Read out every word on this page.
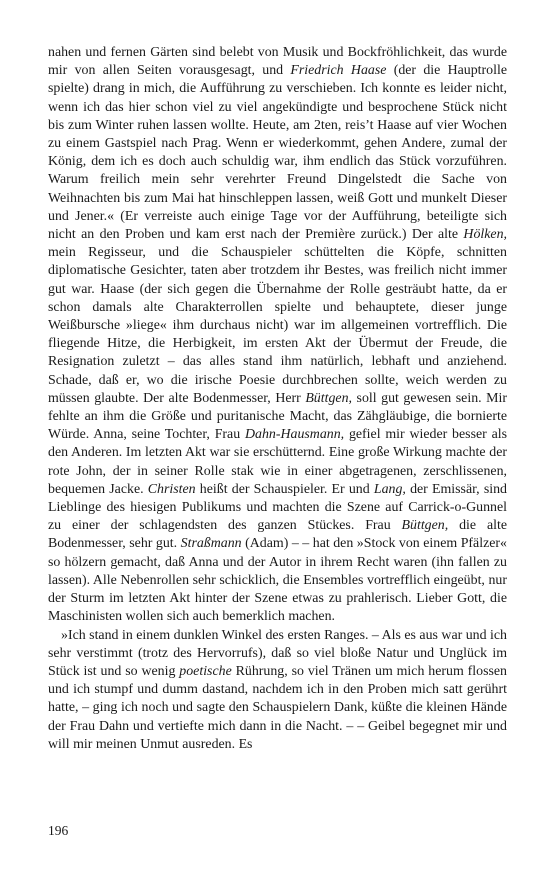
nahen und fernen Gärten sind belebt von Musik und Bockfröhlichkeit, das wurde mir von allen Seiten vorausgesagt, und Friedrich Haase (der die Hauptrolle spielte) drang in mich, die Aufführung zu verschieben. Ich konnte es leider nicht, wenn ich das hier schon viel zu viel angekündigte und besprochene Stück nicht bis zum Winter ruhen lassen wollte. Heute, am 2ten, reis’t Haase auf vier Wochen zu einem Gastspiel nach Prag. Wenn er wiederkommt, gehen Andere, zumal der König, dem ich es doch auch schuldig war, ihm endlich das Stück vorzuführen. Warum freilich mein sehr verehrter Freund Dingelstedt die Sache von Weihnachten bis zum Mai hat hinschleppen lassen, weiß Gott und munkelt Dieser und Jener.« (Er verreiste auch einige Tage vor der Aufführung, beteiligte sich nicht an den Proben und kam erst nach der Première zurück.) Der alte Hölken, mein Regisseur, und die Schauspieler schüttelten die Köpfe, schnitten diplomatische Gesichter, taten aber trotzdem ihr Bestes, was freilich nicht immer gut war. Haase (der sich gegen die Übernahme der Rolle gesträubt hatte, da er schon damals alte Charakterrollen spielte und behauptete, dieser junge Weißbursche »liege« ihm durchaus nicht) war im allgemeinen vortrefflich. Die fliegende Hitze, die Herbigkeit, im ersten Akt der Übermut der Freude, die Resignation zuletzt – das alles stand ihm natürlich, lebhaft und anziehend. Schade, daß er, wo die irische Poesie durchbrechen sollte, weich werden zu müssen glaubte. Der alte Bodenmesser, Herr Büttgen, soll gut gewesen sein. Mir fehlte an ihm die Größe und puritanische Macht, das Zähgläubige, die bornierte Würde. Anna, seine Tochter, Frau Dahn-Hausmann, gefiel mir wieder besser als den Anderen. Im letzten Akt war sie erschütternd. Eine große Wirkung machte der rote John, der in seiner Rolle stak wie in einer abgetragenen, zerschlissenen, bequemen Jacke. Christen heißt der Schauspieler. Er und Lang, der Emissär, sind Lieblinge des hiesigen Publikums und machten die Szene auf Carrick-o-Gunnel zu einer der schlagendsten des ganzen Stückes. Frau Büttgen, die alte Bodenmesser, sehr gut. Straßmann (Adam) – – hat den »Stock von einem Pfälzer« so hölzern gemacht, daß Anna und der Autor in ihrem Recht waren (ihn fallen zu lassen). Alle Nebenrollen sehr schicklich, die Ensembles vortrefflich eingeübt, nur der Sturm im letzten Akt hinter der Szene etwas zu prahlerisch. Lieber Gott, die Maschinisten wollen sich auch bemerklich machen.

»Ich stand in einem dunklen Winkel des ersten Ranges. – Als es aus war und ich sehr verstimmt (trotz des Hervorrufs), daß so viel bloße Natur und Unglück im Stück ist und so wenig poetische Rührung, so viel Tränen um mich herum flossen und ich stumpf und dumm dastand, nachdem ich in den Proben mich satt gerührt hatte, – ging ich noch und sagte den Schauspielern Dank, küßte die kleinen Hände der Frau Dahn und vertiefte mich dann in die Nacht. – – Geibel begegnet mir und will mir meinen Unmut ausreden. Es

196
